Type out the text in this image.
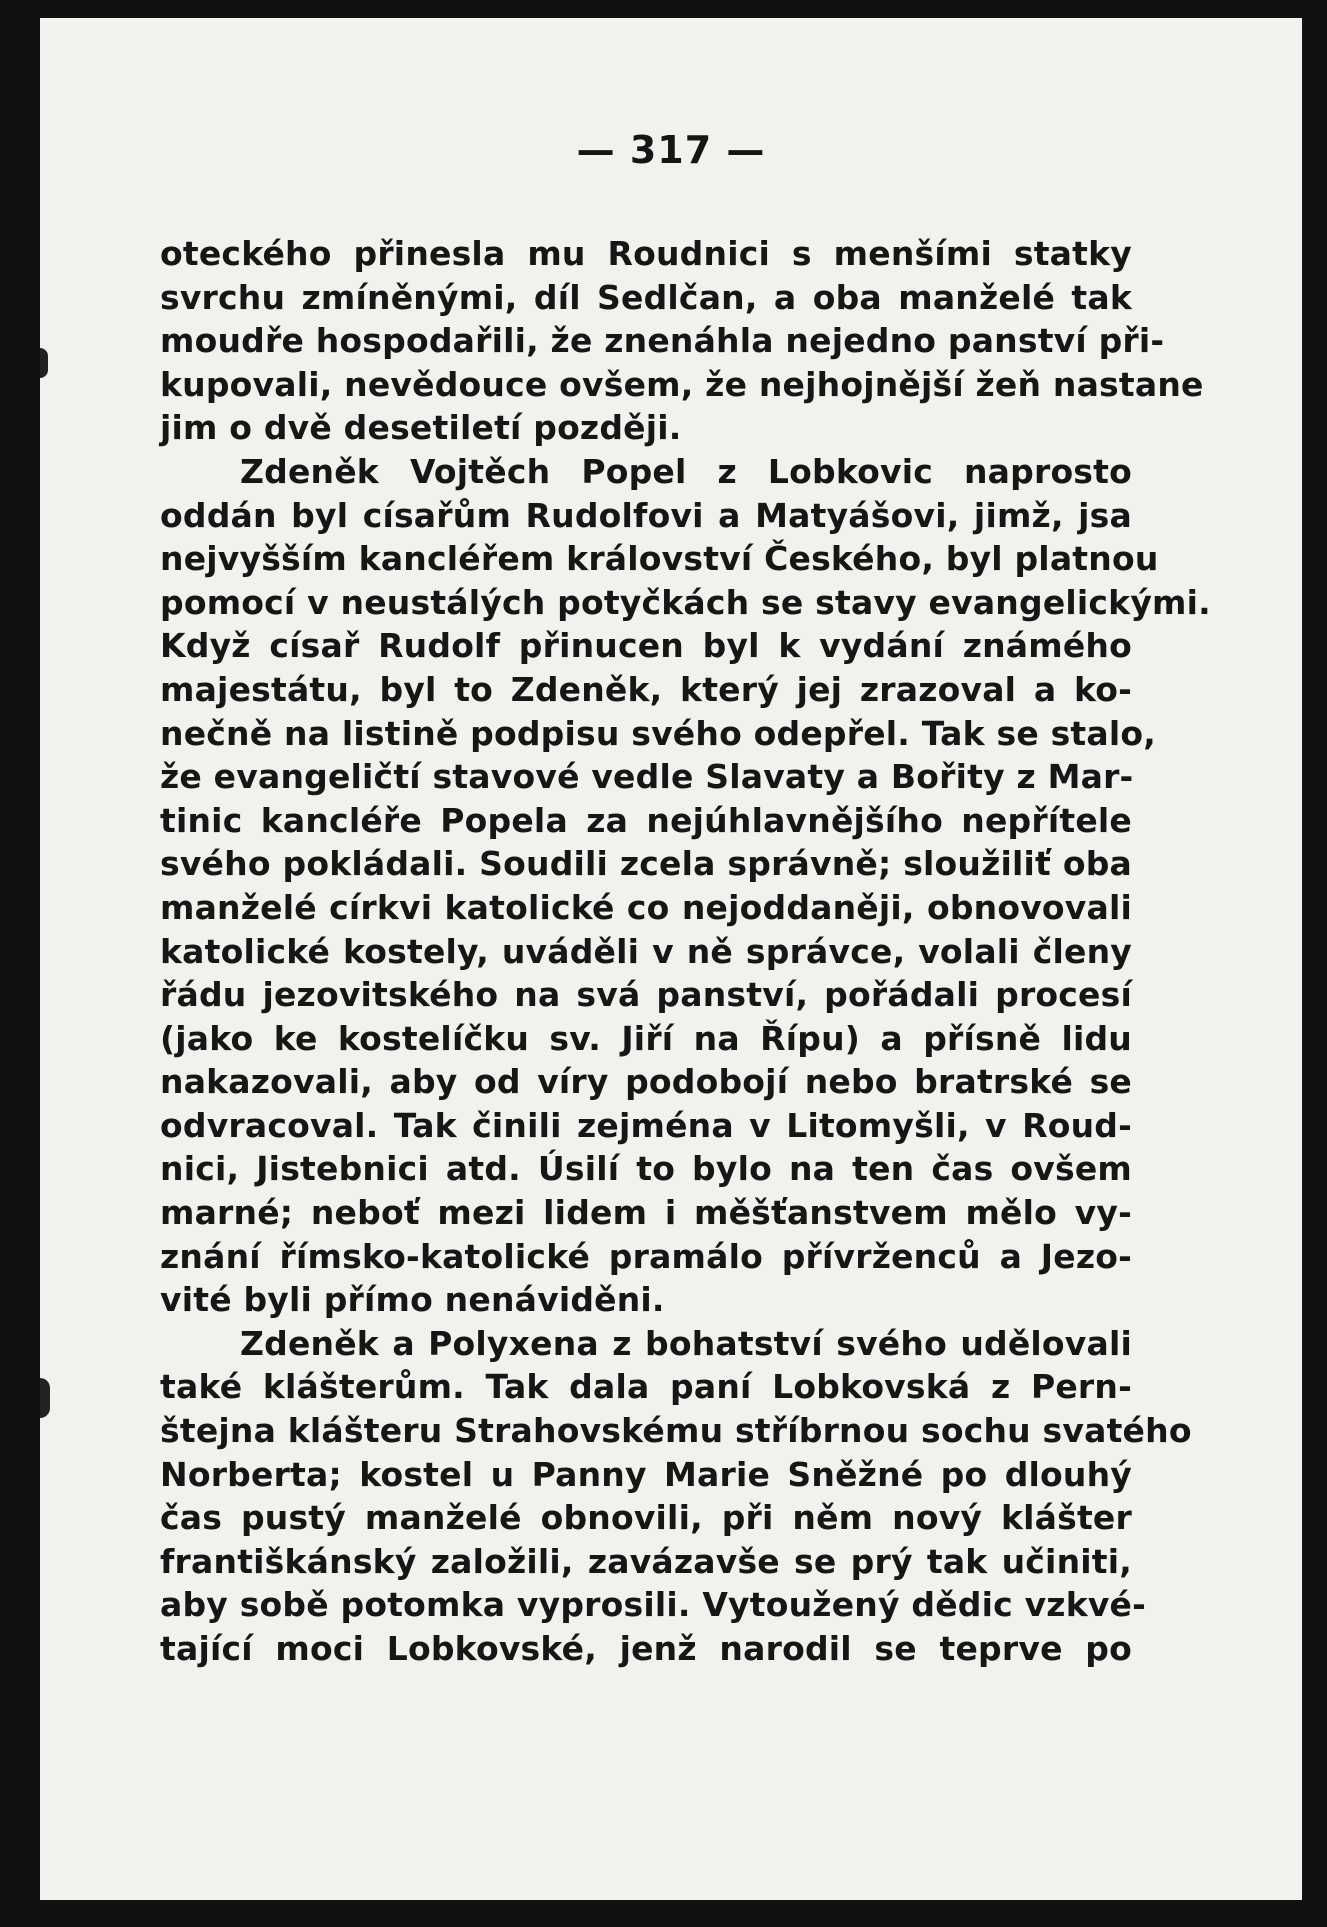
— 317 —
oteckého přinesla mu Roudnici s menšími statky
svrchu zmíněnými, díl Sedlčan, a oba manželé tak
moudře hospodařili, že znenáhla nejedno panství při-
kupovali, nevědouce ovšem, že nejhojnější žeň nastane
jim o dvě desetiletí později.
Zdeněk Vojtěch Popel z Lobkovic naprosto
oddán byl císařům Rudolfovi a Matyášovi, jimž, jsa
nejvyšším kancléřem království Českého, byl platnou
pomocí v neustálých potyčkách se stavy evangelickými.
Když císař Rudolf přinucen byl k vydání známého
majestátu, byl to Zdeněk, který jej zrazoval a ko-
nečně na listině podpisu svého odepřel. Tak se stalo,
že evangeličtí stavové vedle Slavaty a Bořity z Mar-
tinic kancléře Popela za nejúhlavnějšího nepřítele
svého pokládali. Soudili zcela správně; sloužiliť oba
manželé církvi katolické co nejoddaněji, obnovovali
katolické kostely, uváděli v ně správce, volali členy
řádu jezovitského na svá panství, pořádali procesí
(jako ke kostelíčku sv. Jiří na Řípu) a přísně lidu
nakazovali, aby od víry podobojí nebo bratrské se
odvracoval. Tak činili zejména v Litomyšli, v Roud-
nici, Jistebnici atd. Úsilí to bylo na ten čas ovšem
marné; neboť mezi lidem i měšťanstvem mělo vy-
znání římsko-katolické pramálo přívrženců a Jezo-
vité byli přímo nenáviděni.
Zdeněk a Polyxena z bohatství svého udělovali
také klášterům. Tak dala paní Lobkovská z Pern-
štejna klášteru Strahovskému stříbrnou sochu svatého
Norberta; kostel u Panny Marie Sněžné po dlouhý
čas pustý manželé obnovili, při něm nový klášter
františkánský založili, zavázavše se prý tak učiniti,
aby sobě potomka vyprosili. Vytoužený dědic vzkvé-
tající moci Lobkovské, jenž narodil se teprve po
